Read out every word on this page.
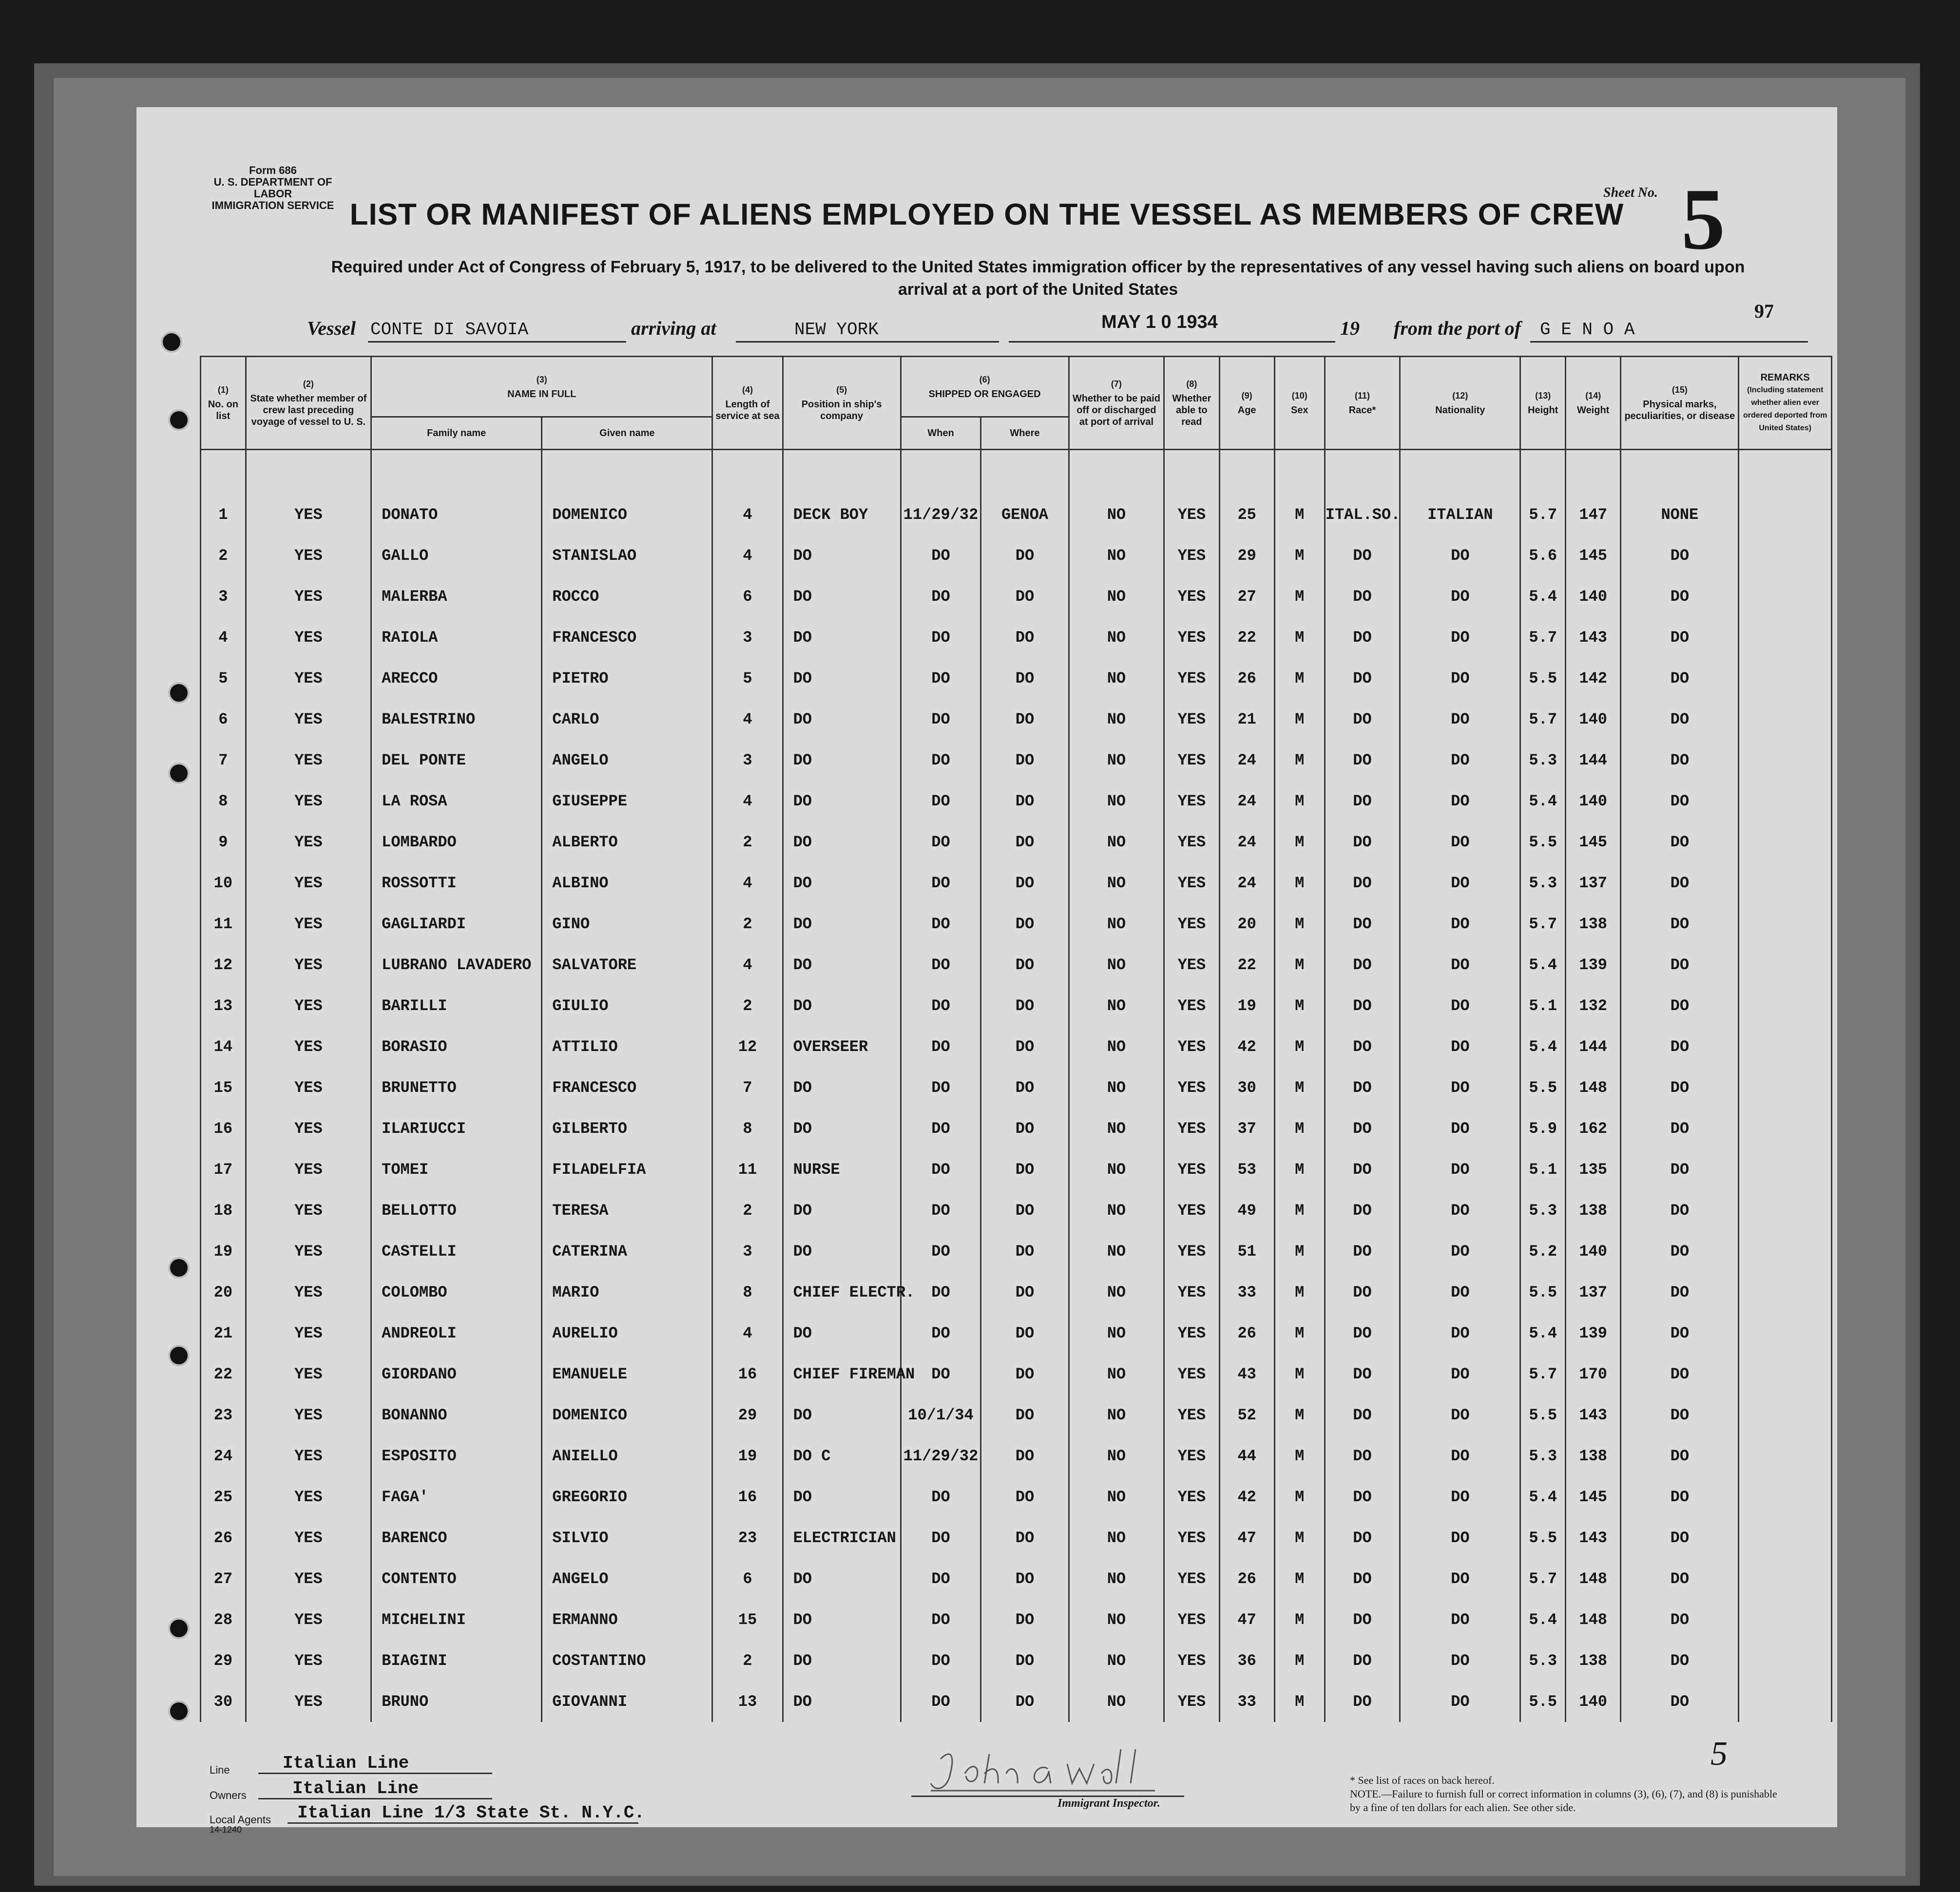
Form 686
U. S. DEPARTMENT OF LABOR
IMMIGRATION SERVICE
Sheet No. 5
LIST OR MANIFEST OF ALIENS EMPLOYED ON THE VESSEL AS MEMBERS OF CREW
Required under Act of Congress of February 5, 1917, to be delivered to the United States immigration officer by the representatives of any vessel having such aliens on board upon arrival at a port of the United States
97
Vessel CONTE DI SAVOIA	arriving at	NEW YORK	MAY 1 0 1934	19 from the port of G E N O A
(1)
No. on list	(2)
State whether member of crew last preceding voyage of vessel to U. S.	(3)
NAME IN FULL		(4)
Length of service at sea	(5)
Position in ship's company	(6)
SHIPPED OR ENGAGED		(7)
Whether to be paid off or discharged at port of arrival	(8)
Whether able to read	(9)
Age	(10)
Sex	(11)
Race*	(12)
Nationality	(13)
Height	(14)
Weight	(15)
Physical marks, peculiarities, or disease	REMARKS
(Including statement whether alien ever ordered deported from United States)
		Family name	Given name			When	Where										
1	YES	DONATO	DOMENICO	4	DECK BOY	11/29/32	GENOA	NO	YES	25	M	ITAL.SO.	ITALIAN	5.7	147	NONE	
2	YES	GALLO	STANISLAO	4	DO	DO	DO	NO	YES	29	M	DO	DO	5.6	145	DO	
3	YES	MALERBA	ROCCO	6	DO	DO	DO	NO	YES	27	M	DO	DO	5.4	140	DO	
4	YES	RAIOLA	FRANCESCO	3	DO	DO	DO	NO	YES	22	M	DO	DO	5.7	143	DO	
5	YES	ARECCO	PIETRO	5	DO	DO	DO	NO	YES	26	M	DO	DO	5.5	142	DO	
6	YES	BALESTRINO	CARLO	4	DO	DO	DO	NO	YES	21	M	DO	DO	5.7	140	DO	
7	YES	DEL PONTE	ANGELO	3	DO	DO	DO	NO	YES	24	M	DO	DO	5.3	144	DO	
8	YES	LA ROSA	GIUSEPPE	4	DO	DO	DO	NO	YES	24	M	DO	DO	5.4	140	DO	
9	YES	LOMBARDO	ALBERTO	2	DO	DO	DO	NO	YES	24	M	DO	DO	5.5	145	DO	
10	YES	ROSSOTTI	ALBINO	4	DO	DO	DO	NO	YES	24	M	DO	DO	5.3	137	DO	
11	YES	GAGLIARDI	GINO	2	DO	DO	DO	NO	YES	20	M	DO	DO	5.7	138	DO	
12	YES	LUBRANO LAVADERO	SALVATORE	4	DO	DO	DO	NO	YES	22	M	DO	DO	5.4	139	DO	
13	YES	BARILLI	GIULIO	2	DO	DO	DO	NO	YES	19	M	DO	DO	5.1	132	DO	
14	YES	BORASIO	ATTILIO	12	OVERSEER	DO	DO	NO	YES	42	M	DO	DO	5.4	144	DO	
15	YES	BRUNETTO	FRANCESCO	7	DO	DO	DO	NO	YES	30	M	DO	DO	5.5	148	DO	
16	YES	ILARIUCCI	GILBERTO	8	DO	DO	DO	NO	YES	37	M	DO	DO	5.9	162	DO	
17	YES	TOMEI	FILADELFIA	11	NURSE	DO	DO	NO	YES	53	M	DO	DO	5.1	135	DO	
18	YES	BELLOTTO	TERESA	2	DO	DO	DO	NO	YES	49	M	DO	DO	5.3	138	DO	
19	YES	CASTELLI	CATERINA	3	DO	DO	DO	NO	YES	51	M	DO	DO	5.2	140	DO	
20	YES	COLOMBO	MARIO	8	CHIEF ELECTR.	DO	DO	NO	YES	33	M	DO	DO	5.5	137	DO	
21	YES	ANDREOLI	AURELIO	4	DO	DO	DO	NO	YES	26	M	DO	DO	5.4	139	DO	
22	YES	GIORDANO	EMANUELE	16	CHIEF FIREMAN	DO	DO	NO	YES	43	M	DO	DO	5.7	170	DO	
23	YES	BONANNO	DOMENICO	29	DO	10/1/34	DO	NO	YES	52	M	DO	DO	5.5	143	DO	
24	YES	ESPOSITO	ANIELLO	19	DO C	11/29/32	DO	NO	YES	44	M	DO	DO	5.3	138	DO	
25	YES	FAGA'	GREGORIO	16	DO	DO	DO	NO	YES	42	M	DO	DO	5.4	145	DO	
26	YES	BARENCO	SILVIO	23	ELECTRICIAN	DO	DO	NO	YES	47	M	DO	DO	5.5	143	DO	
27	YES	CONTENTO	ANGELO	6	DO	DO	DO	NO	YES	26	M	DO	DO	5.7	148	DO	
28	YES	MICHELINI	ERMANNO	15	DO	DO	DO	NO	YES	47	M	DO	DO	5.4	148	DO	
29	YES	BIAGINI	COSTANTINO	2	DO	DO	DO	NO	YES	36	M	DO	DO	5.3	138	DO	
30	YES	BRUNO	GIOVANNI	13	DO	DO	DO	NO	YES	33	M	DO	DO	5.5	140	DO	
Line	Italian Line
Owners	Italian Line
Local Agents Italian Line 1/3 State St. N.Y.C.
14-1240
Immigrant Inspector.
* See list of races on back hereof.
NOTE.—Failure to furnish full or correct information in columns (3), (6), (7), and (8) is punishable by a fine of ten dollars for each alien. See other side.
5
